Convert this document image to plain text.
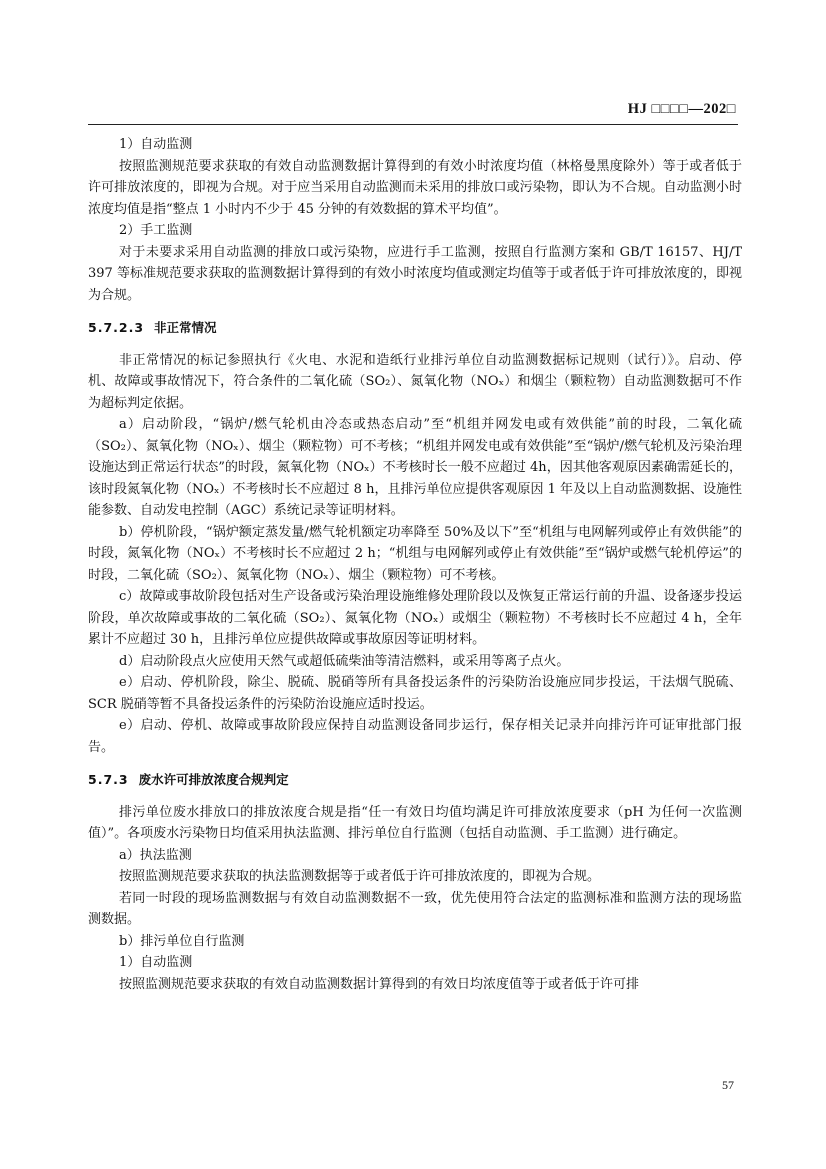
HJ □□□□—202□

1）自动监测

按照监测规范要求获取的有效自动监测数据计算得到的有效小时浓度均值（林格曼黑度除外）等于或者低于许可排放浓度的，即视为合规。对于应当采用自动监测而未采用的排放口或污染物，即认为不合规。自动监测小时浓度均值是指“整点 1 小时内不少于 45 分钟的有效数据的算术平均值”。

2）手工监测

对于未要求采用自动监测的排放口或污染物，应进行手工监测，按照自行监测方案和 GB/T 16157、HJ/T 397 等标准规范要求获取的监测数据计算得到的有效小时浓度均值或测定均值等于或者低于许可排放浓度的，即视为合规。

5.7.2.3 非正常情况

非正常情况的标记参照执行《火电、水泥和造纸行业排污单位自动监测数据标记规则（试行）》。启动、停机、故障或事故情况下，符合条件的二氧化硫（SO₂）、氮氧化物（NOₓ）和烟尘（颗粒物）自动监测数据可不作为超标判定依据。

a）启动阶段，“锅炉/燃气轮机由冷态或热态启动”至“机组并网发电或有效供能”前的时段，二氧化硫（SO₂）、氮氧化物（NOₓ）、烟尘（颗粒物）可不考核；“机组并网发电或有效供能”至“锅炉/燃气轮机及污染治理设施达到正常运行状态”的时段，氮氧化物（NOₓ）不考核时长一般不应超过 4h，因其他客观原因素确需延长的，该时段氮氧化物（NOₓ）不考核时长不应超过 8 h，且排污单位应提供客观原因 1 年及以上自动监测数据、设施性能参数、自动发电控制（AGC）系统记录等证明材料。

b）停机阶段，“锅炉额定蒸发量/燃气轮机额定功率降至 50%及以下”至“机组与电网解列或停止有效供能”的时段，氮氧化物（NOₓ）不考核时长不应超过 2 h；“机组与电网解列或停止有效供能”至“锅炉或燃气轮机停运”的时段，二氧化硫（SO₂）、氮氧化物（NOₓ）、烟尘（颗粒物）可不考核。

c）故障或事故阶段包括对生产设备或污染治理设施维修处理阶段以及恢复正常运行前的升温、设备逐步投运阶段，单次故障或事故的二氧化硫（SO₂）、氮氧化物（NOₓ）或烟尘（颗粒物）不考核时长不应超过 4 h，全年累计不应超过 30 h，且排污单位应提供故障或事故原因等证明材料。

d）启动阶段点火应使用天然气或超低硫柴油等清洁燃料，或采用等离子点火。

e）启动、停机阶段，除尘、脱硫、脱硝等所有具备投运条件的污染防治设施应同步投运，干法烟气脱硫、SCR 脱硝等暂不具备投运条件的污染防治设施应适时投运。

e）启动、停机、故障或事故阶段应保持自动监测设备同步运行，保存相关记录并向排污许可证审批部门报告。

5.7.3 废水许可排放浓度合规判定

排污单位废水排放口的排放浓度合规是指“任一有效日均值均满足许可排放浓度要求（pH 为任何一次监测值）”。各项废水污染物日均值采用执法监测、排污单位自行监测（包括自动监测、手工监测）进行确定。

a）执法监测

按照监测规范要求获取的执法监测数据等于或者低于许可排放浓度的，即视为合规。

若同一时段的现场监测数据与有效自动监测数据不一致，优先使用符合法定的监测标准和监测方法的现场监测数据。

b）排污单位自行监测

1）自动监测

按照监测规范要求获取的有效自动监测数据计算得到的有效日均浓度值等于或者低于许可排

57
